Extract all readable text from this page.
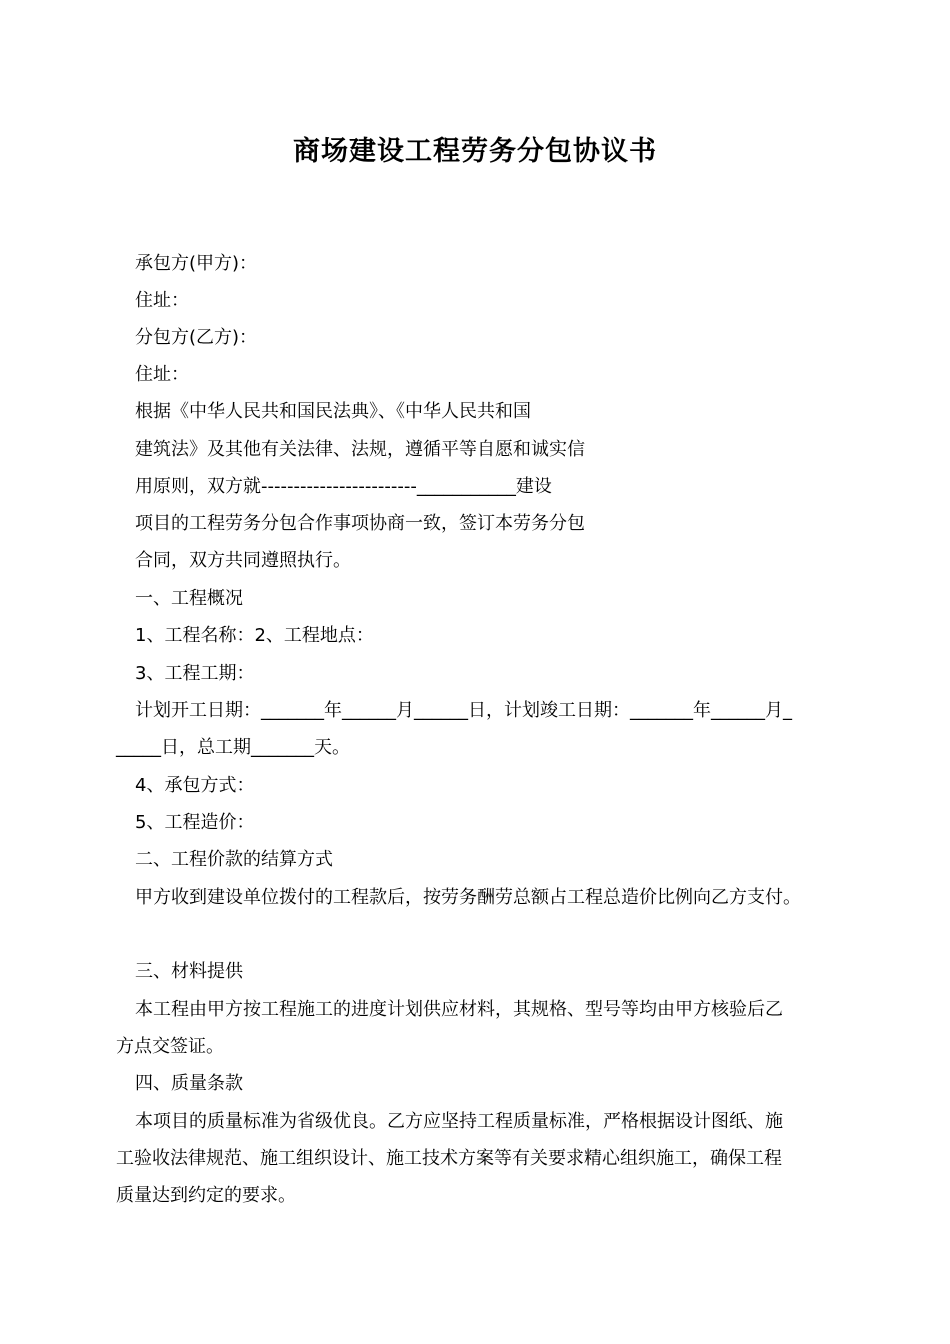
商场建设工程劳务分包协议书
承包方(甲方)：
住址：
分包方(乙方)：
住址：
根据《中华人民共和国民法典》、《中华人民共和国
建筑法》及其他有关法律、法规，遵循平等自愿和诚实信
用原则，双方就------------------------___________建设
项目的工程劳务分包合作事项协商一致，签订本劳务分包
合同，双方共同遵照执行。
一、工程概况
1、工程名称：2、工程地点：
3、工程工期：
计划开工日期：_______年______月______日，计划竣工日期：_______年______月_
_____日，总工期_______天。
4、承包方式：
5、工程造价：
二、工程价款的结算方式
甲方收到建设单位拨付的工程款后，按劳务酬劳总额占工程总造价比例向乙方支付。
三、材料提供
本工程由甲方按工程施工的进度计划供应材料，其规格、型号等均由甲方核验后乙
方点交签证。
四、质量条款
本项目的质量标准为省级优良。乙方应坚持工程质量标准，严格根据设计图纸、施
工验收法律规范、施工组织设计、施工技术方案等有关要求精心组织施工，确保工程
质量达到约定的要求。
